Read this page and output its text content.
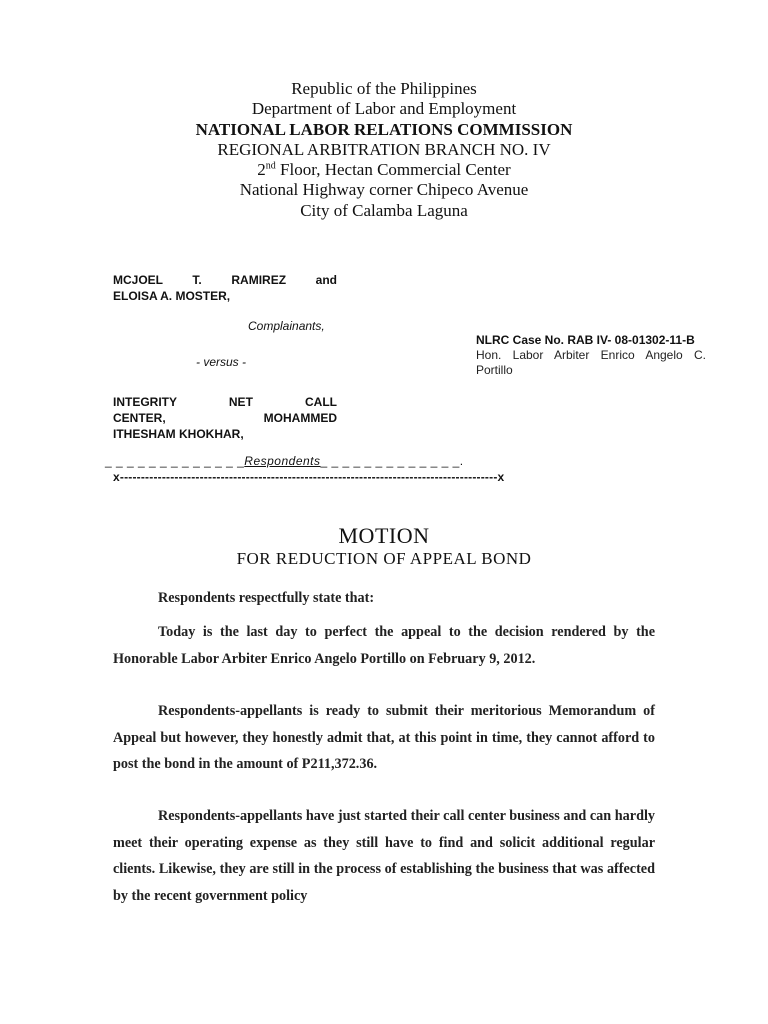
Republic of the Philippines
Department of Labor and Employment
NATIONAL LABOR RELATIONS COMMISSION
REGIONAL ARBITRATION BRANCH NO. IV
2nd Floor, Hectan Commercial Center
National Highway corner Chipeco Avenue
City of Calamba Laguna
MCJOEL T. RAMIREZ and
ELOISA A. MOSTER,
Complainants,
- versus -
INTEGRITY NET CALL
CENTER, MOHAMMED
ITHESHAM KHOKHAR,
_ _ _ _ _ _ _ _ _ _ _ _ _Respondents_ _ _ _ _ _ _ _ _ _ _ _ _.
NLRC Case No. RAB IV- 08-01302-11-B
Hon. Labor Arbiter Enrico Angelo C. Portillo
x------------------------------------------------------------------------------------------x
MOTION
FOR REDUCTION OF APPEAL BOND

Respondents respectfully state that:

Today is the last day to perfect the appeal to the decision rendered by the Honorable Labor Arbiter Enrico Angelo Portillo on February 9, 2012.

Respondents-appellants is ready to submit their meritorious Memorandum of Appeal but however, they honestly admit that, at this point in time, they cannot afford to post the bond in the amount of P211,372.36.

Respondents-appellants have just started their call center business and can hardly meet their operating expense as they still have to find and solicit additional regular clients. Likewise, they are still in the process of establishing the business that was affected by the recent government policy
